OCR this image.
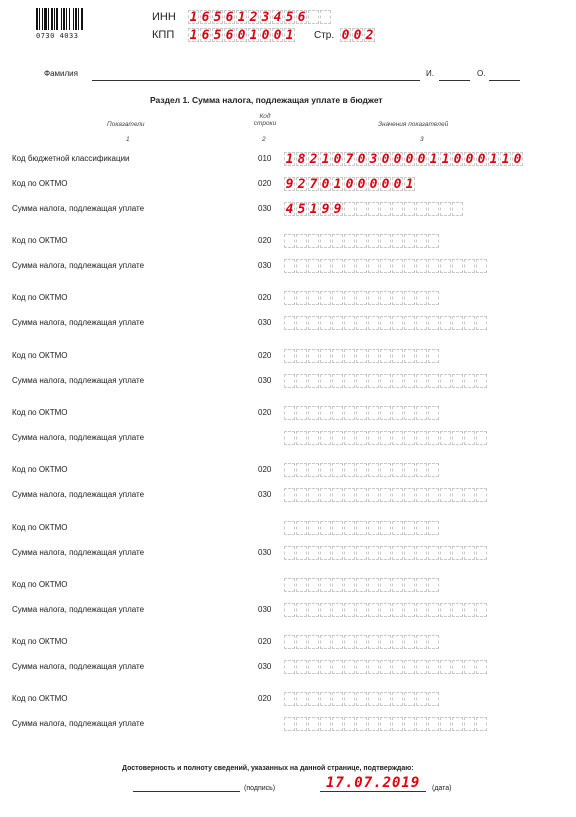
0730 4033
ИНН 1 6 5 6 1 2 3 4 5 6
КПП 1 6 5 6 0 1 0 0 1 Стр. 0 0 2
Фамилия	И.	О.
Раздел 1. Сумма налога, подлежащая уплате в бюджет
Показатели
Код
строки	Значения показателей
1	2	3
Код бюджетной классификации	010 1 8 2 1 0 7 0 3 0 0 0 0 1 1 0 0 0 1 1 0
Код по ОКТМО	020 9 2 7 0 1 0 0 0 0 0 1
Сумма налога, подлежащая уплате	030 4 5 1 9 9
Код по ОКТМО	020
Сумма налога, подлежащая уплате	030
Код по ОКТМО	020
Сумма налога, подлежащая уплате	030
Код по ОКТМО	020
Сумма налога, подлежащая уплате	030
Код по ОКТМО	020
Сумма налога, подлежащая уплате
Код по ОКТМО	020
Сумма налога, подлежащая уплате	030
Код по ОКТМО
Сумма налога, подлежащая уплате	030
Код по ОКТМО
Сумма налога, подлежащая уплате	030
Код по ОКТМО	020
Сумма налога, подлежащая уплате	030
Код по ОКТМО	020
Сумма налога, подлежащая уплате
Достоверность и полноту сведений, указанных на данной странице, подтверждаю:
(подпись)	17.07.2019 (дата)
